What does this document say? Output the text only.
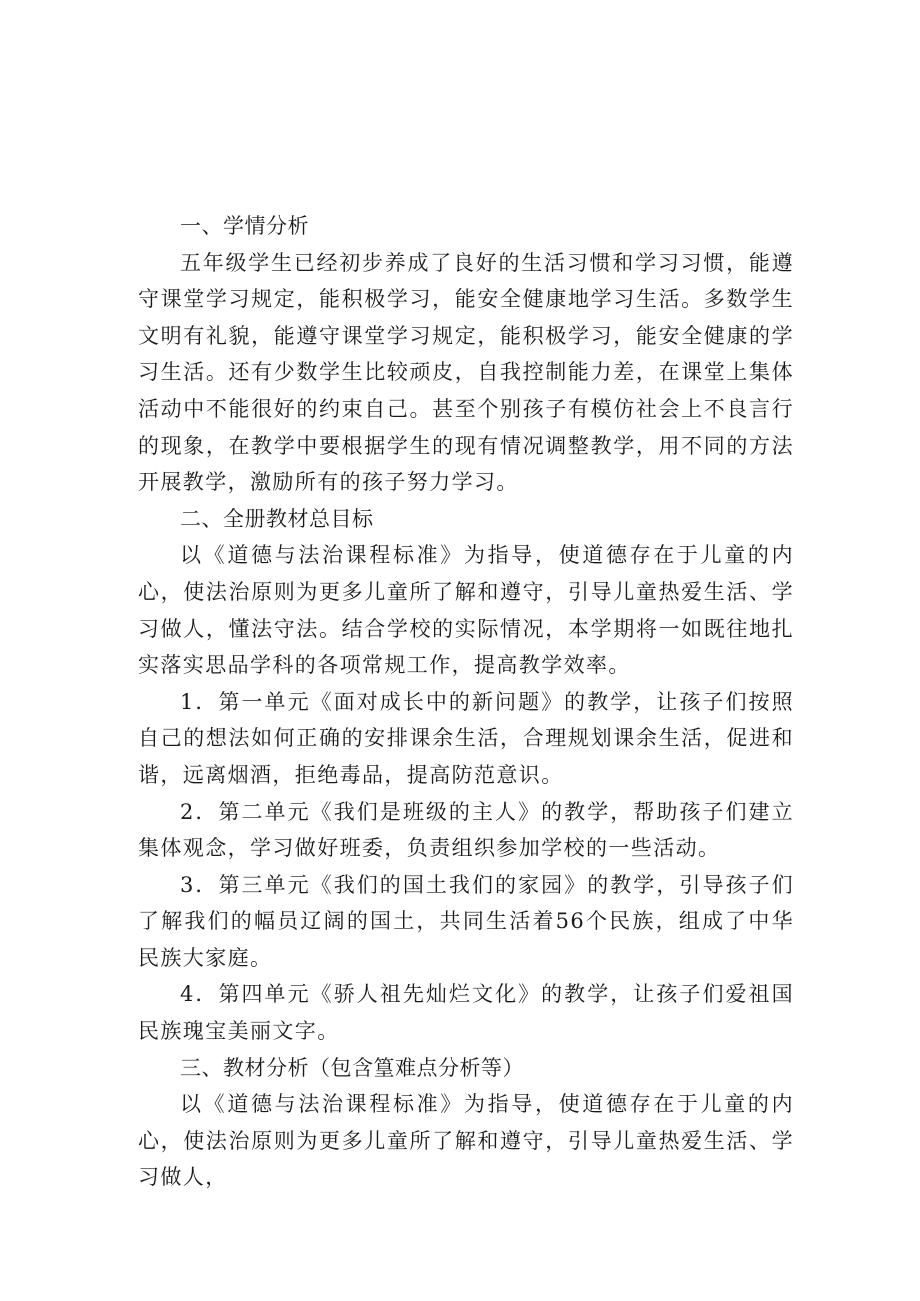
一、学情分析

五年级学生已经初步养成了良好的生活习惯和学习习惯，能遵守课堂学习规定，能积极学习，能安全健康地学习生活。多数学生文明有礼貌，能遵守课堂学习规定，能积极学习，能安全健康的学习生活。还有少数学生比较顽皮，自我控制能力差，在课堂上集体活动中不能很好的约束自己。甚至个别孩子有模仿社会上不良言行的现象，在教学中要根据学生的现有情况调整教学，用不同的方法开展教学，激励所有的孩子努力学习。

二、全册教材总目标

以《道德与法治课程标准》为指导，使道德存在于儿童的内心，使法治原则为更多儿童所了解和遵守，引导儿童热爱生活、学习做人，懂法守法。结合学校的实际情况，本学期将一如既往地扎实落实思品学科的各项常规工作，提高教学效率。

1．第一单元《面对成长中的新问题》的教学，让孩子们按照自己的想法如何正确的安排课余生活，合理规划课余生活，促进和谐，远离烟酒，拒绝毒品，提高防范意识。

2．第二单元《我们是班级的主人》的教学，帮助孩子们建立集体观念，学习做好班委，负责组织参加学校的一些活动。

3．第三单元《我们的国土我们的家园》的教学，引导孩子们了解我们的幅员辽阔的国土，共同生活着56个民族，组成了中华民族大家庭。

4．第四单元《骄人祖先灿烂文化》的教学，让孩子们爱祖国民族瑰宝美丽文字。

三、教材分析（包含篁难点分析等）

以《道德与法治课程标准》为指导，使道德存在于儿童的内心，使法治原则为更多儿童所了解和遵守，引导儿童热爱生活、学习做人，
